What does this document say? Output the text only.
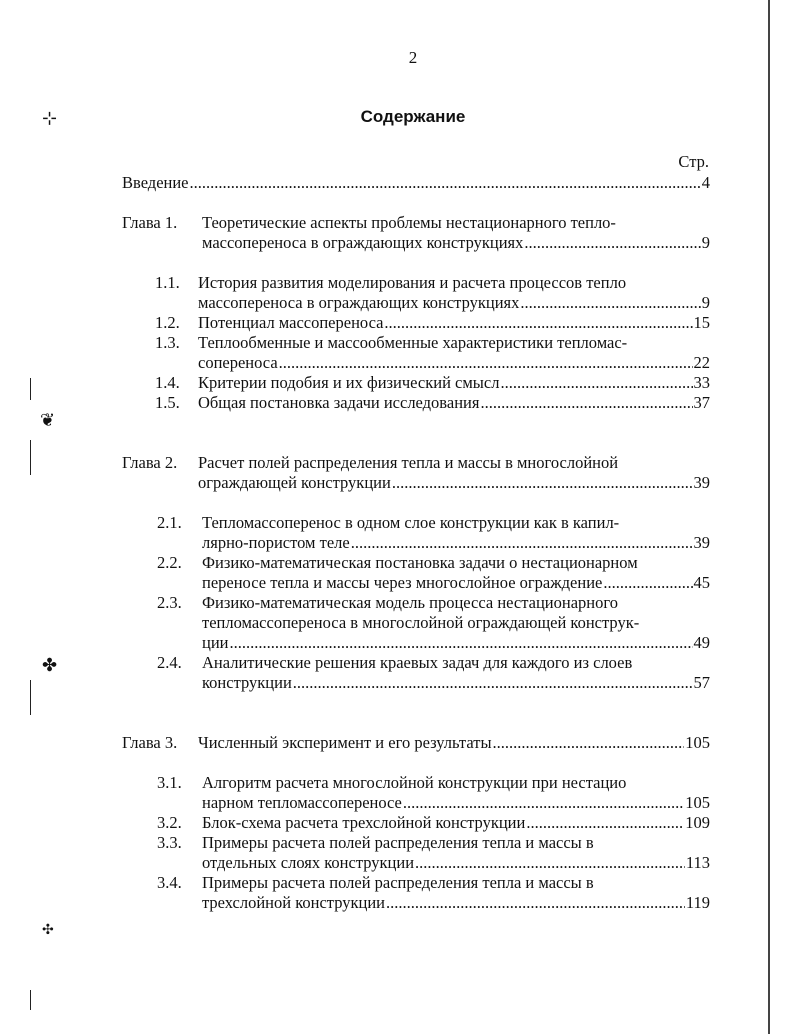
⊹
❦
✤
✣
2
Содержание
Стр.
Введение .....	4
Глава 1. Теоретические аспекты проблемы нестационарного тепло-
массопереноса в ограждающих конструкциях .....	9
1.1. История развития моделирования и расчета процессов тепло
массопереноса в ограждающих конструкциях .....	9
1.2. Потенциал массопереноса .....	15
1.3. Теплообменные и массообменные характеристики тепломас-
сопереноса .....	22
1.4. Критерии подобия и их физический смысл .....	33
1.5. Общая постановка задачи исследования .....	37
Глава 2. Расчет полей распределения тепла и массы в многослойной
ограждающей конструкции .....	39
2.1. Тепломассоперенос в одном слое конструкции как в капил-
лярно-пористом теле .....	39
2.2. Физико-математическая постановка задачи о нестационарном
переносе тепла и массы через многослойное ограждение .....	45
2.3. Физико-математическая модель процесса нестационарного
тепломассопереноса в многослойной ограждающей конструк-
ции .....	49
2.4. Аналитические решения краевых задач для каждого из слоев
конструкции .....	57
Глава 3. Численный эксперимент и его результаты .....	105
3.1. Алгоритм расчета многослойной конструкции при нестацио
нарном тепломассопереносе .....	105
3.2. Блок-схема расчета трехслойной конструкции .....	109
3.3. Примеры расчета полей распределения тепла и массы в
отдельных слоях конструкции .....	113
3.4. Примеры расчета полей распределения тепла и массы в
трехслойной конструкции .....	119
